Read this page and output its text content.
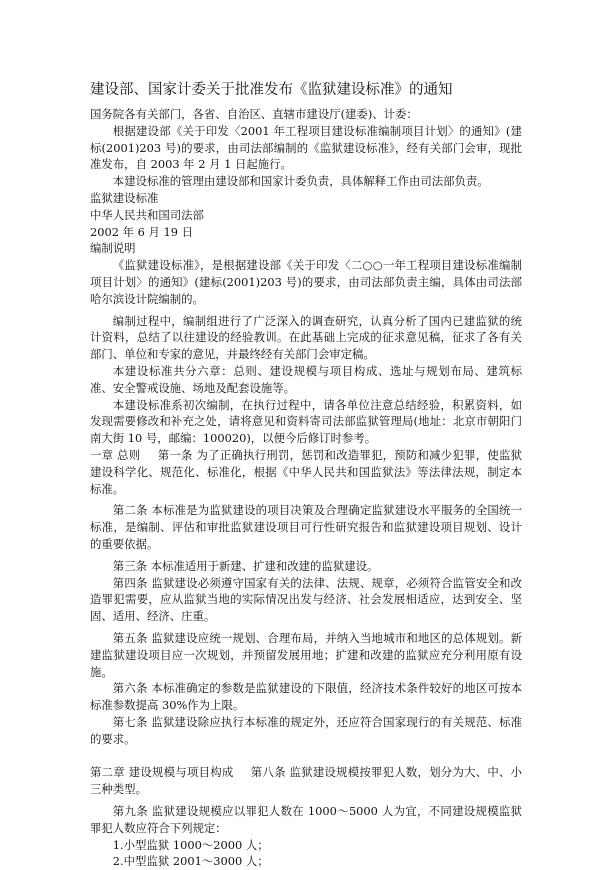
建设部、国家计委关于批准发布《监狱建设标准》的通知

国务院各有关部门，各省、自治区、直辖市建设厅(建委)、计委：

根据建设部《关于印发〈2001 年工程项目建设标准编制项目计划〉的通知》(建标(2001)203 号)的要求，由司法部编制的《监狱建设标准》，经有关部门会审，现批准发布，自 2003 年 2 月 1 日起施行。

本建设标准的管理由建设部和国家计委负责，具体解释工作由司法部负责。

监狱建设标准

中华人民共和国司法部

2002 年 6 月 19 日

编制说明

《监狱建设标准》，是根据建设部《关于印发〈二○○一年工程项目建设标准编制项目计划〉的通知》(建标(2001)203 号)的要求，由司法部负责主编，具体由司法部哈尔滨设计院编制的。

编制过程中，编制组进行了广泛深入的调查研究，认真分析了国内已建监狱的统计资料，总结了以往建设的经验教训。在此基础上完成的征求意见稿，征求了各有关部门、单位和专家的意见，并最终经有关部门会审定稿。

本建设标准共分六章：总则、建设规模与项目构成、选址与规划布局、建筑标准、安全警戒设施、场地及配套设施等。

本建设标准系初次编制，在执行过程中，请各单位注意总结经验，积累资料，如发现需要修改和补充之处，请将意见和资料寄司法部监狱管理局(地址：北京市朝阳门南大街 10 号，邮编：100020)，以便今后修订时参考。

一章 总则 第一条 为了正确执行刑罚，惩罚和改造罪犯，预防和减少犯罪，使监狱建设科学化、规范化、标准化，根据《中华人民共和国监狱法》等法律法规，制定本标准。

第二条 本标准是为监狱建设的项目决策及合理确定监狱建设水平服务的全国统一标准，是编制、评估和审批监狱建设项目可行性研究报告和监狱建设项目规划、设计的重要依据。

第三条 本标准适用于新建、扩建和改建的监狱建设。

第四条 监狱建设必须遵守国家有关的法律、法规、规章，必须符合监管安全和改造罪犯需要，应从监狱当地的实际情况出发与经济、社会发展相适应，达到安全、坚固、适用、经济、庄重。

第五条 监狱建设应统一规划、合理布局，并纳入当地城市和地区的总体规划。新建监狱建设项目应一次规划，并预留发展用地；扩建和改建的监狱应充分利用原有设施。

第六条 本标准确定的参数是监狱建设的下限值，经济技术条件较好的地区可按本标准参数提高 30%作为上限。

第七条 监狱建设除应执行本标准的规定外，还应符合国家现行的有关规范、标准的要求。

第二章 建设规模与项目构成 第八条 监狱建设规模按罪犯人数，划分为大、中、小三种类型。

第九条 监狱建设规模应以罪犯人数在 1000～5000 人为宜，不同建设规模监狱罪犯人数应符合下列规定：

1.小型监狱 1000～2000 人；

2.中型监狱 2001～3000 人；
